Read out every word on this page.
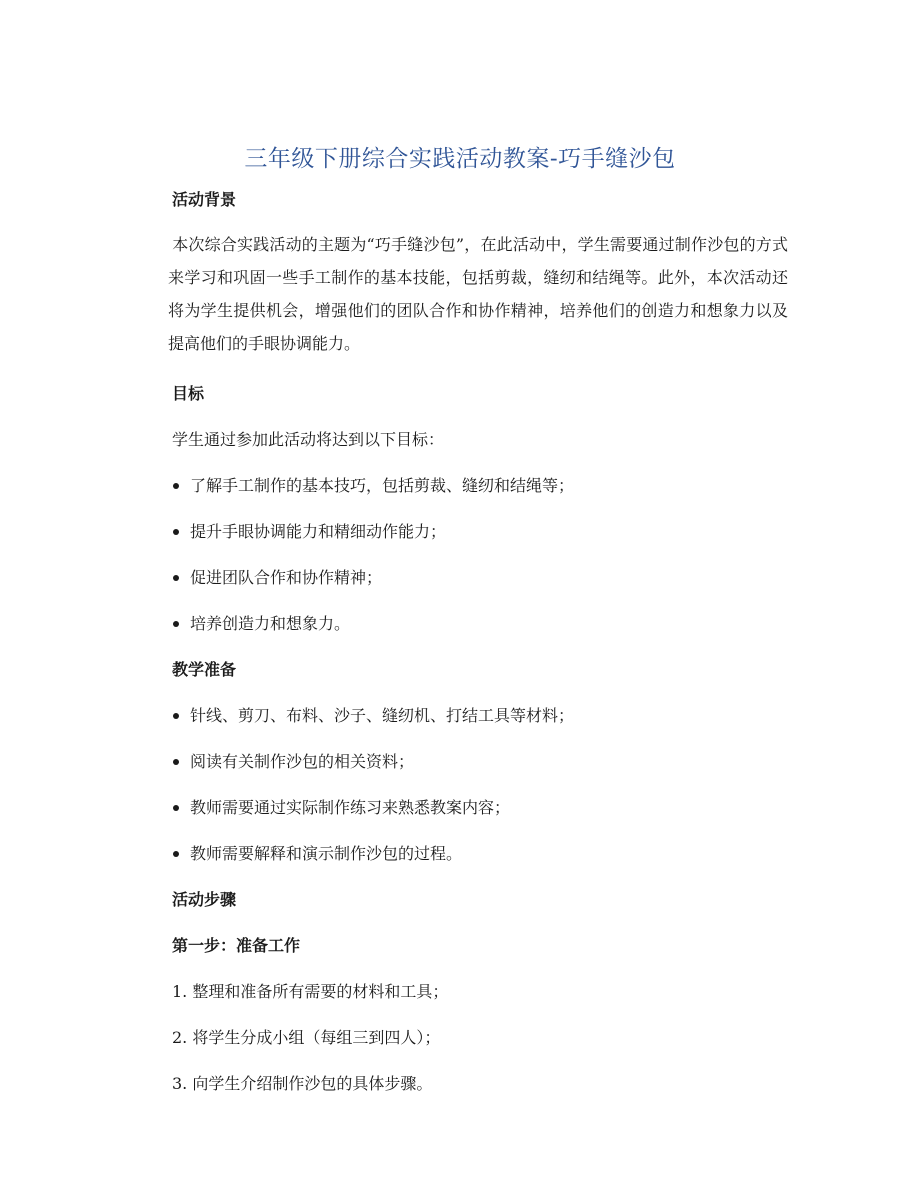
三年级下册综合实践活动教案-巧手缝沙包
活动背景

本次综合实践活动的主题为“巧手缝沙包”，在此活动中，学生需要通过制作沙包的方式来学习和巩固一些手工制作的基本技能，包括剪裁，缝纫和结绳等。此外，本次活动还将为学生提供机会，增强他们的团队合作和协作精神，培养他们的创造力和想象力以及提高他们的手眼协调能力。

目标

学生通过参加此活动将达到以下目标：

了解手工制作的基本技巧，包括剪裁、缝纫和结绳等；
提升手眼协调能力和精细动作能力；
促进团队合作和协作精神；
培养创造力和想象力。
教学准备
针线、剪刀、布料、沙子、缝纫机、打结工具等材料；
阅读有关制作沙包的相关资料；
教师需要通过实际制作练习来熟悉教案内容；
教师需要解释和演示制作沙包的过程。
活动步骤
第一步：准备工作
1. 整理和准备所有需要的材料和工具；
2. 将学生分成小组（每组三到四人）；
3. 向学生介绍制作沙包的具体步骤。
